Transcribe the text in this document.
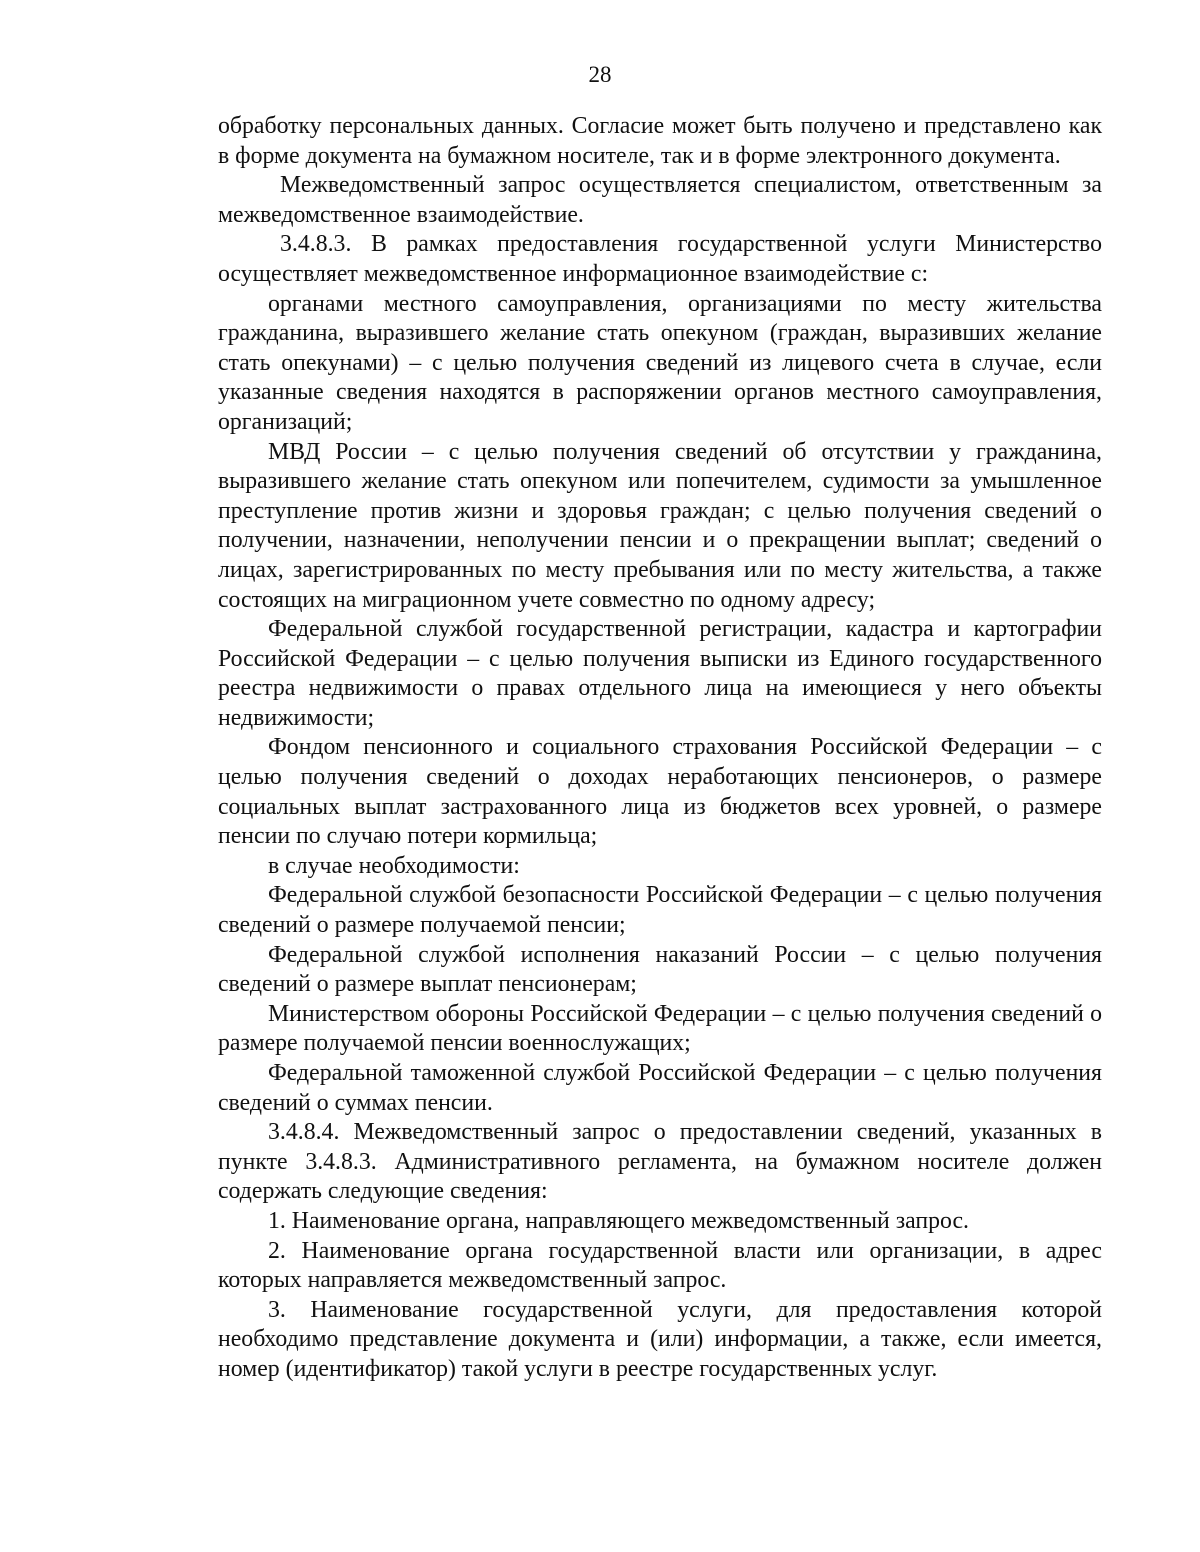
28

обработку персональных данных. Согласие может быть получено и представлено как в форме документа на бумажном носителе, так и в форме электронного документа.

Межведомственный запрос осуществляется специалистом, ответственным за межведомственное взаимодействие.

3.4.8.3. В рамках предоставления государственной услуги Министерство осуществляет межведомственное информационное взаимодействие с:

органами местного самоуправления, организациями по месту жительства гражданина, выразившего желание стать опекуном (граждан, выразивших желание стать опекунами) – с целью получения сведений из лицевого счета в случае, если указанные сведения находятся в распоряжении органов местного самоуправления, организаций;

МВД России – с целью получения сведений об отсутствии у гражданина, выразившего желание стать опекуном или попечителем, судимости за умышленное преступление против жизни и здоровья граждан; с целью получения сведений о получении, назначении, неполучении пенсии и о прекращении выплат; сведений о лицах, зарегистрированных по месту пребывания или по месту жительства, а также состоящих на миграционном учете совместно по одному адресу;

Федеральной службой государственной регистрации, кадастра и картографии Российской Федерации – с целью получения выписки из Единого государственного реестра недвижимости о правах отдельного лица на имеющиеся у него объекты недвижимости;

Фондом пенсионного и социального страхования Российской Федерации – с целью получения сведений о доходах неработающих пенсионеров, о размере социальных выплат застрахованного лица из бюджетов всех уровней, о размере пенсии по случаю потери кормильца;

в случае необходимости:

Федеральной службой безопасности Российской Федерации – с целью получения сведений о размере получаемой пенсии;

Федеральной службой исполнения наказаний России – с целью получения сведений о размере выплат пенсионерам;

Министерством обороны Российской Федерации – с целью получения сведений о размере получаемой пенсии военнослужащих;

Федеральной таможенной службой Российской Федерации – с целью получения сведений о суммах пенсии.

3.4.8.4. Межведомственный запрос о предоставлении сведений, указанных в пункте 3.4.8.3. Административного регламента, на бумажном носителе должен содержать следующие сведения:

1. Наименование органа, направляющего межведомственный запрос.

2. Наименование органа государственной власти или организации, в адрес которых направляется межведомственный запрос.

3. Наименование государственной услуги, для предоставления которой необходимо представление документа и (или) информации, а также, если имеется, номер (идентификатор) такой услуги в реестре государственных услуг.
